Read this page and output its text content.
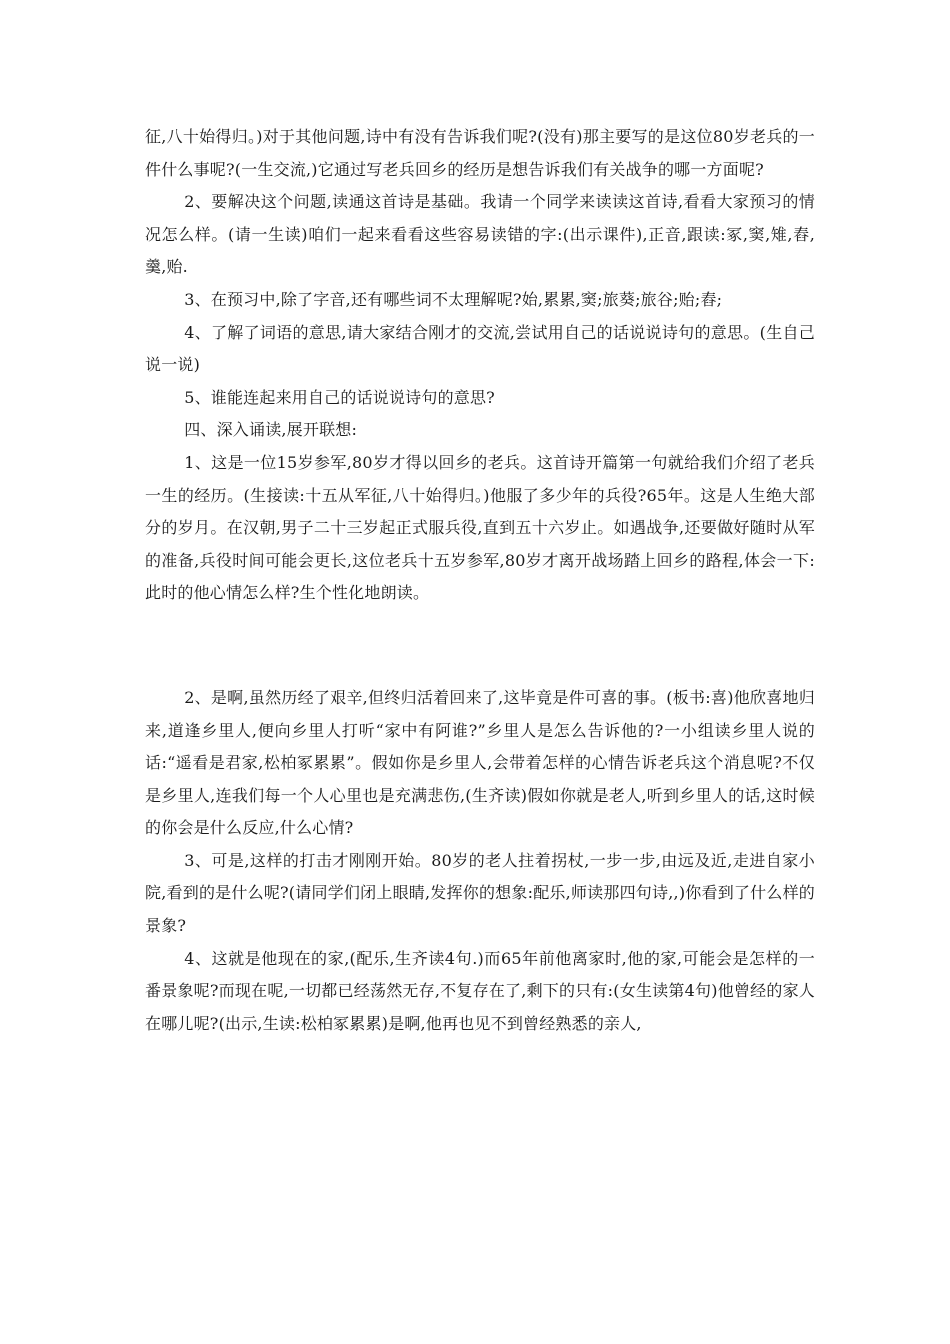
征,八十始得归。)对于其他问题,诗中有没有告诉我们呢?(没有)那主要写的是这位80岁老兵的一件什么事呢?(一生交流,)它通过写老兵回乡的经历是想告诉我们有关战争的哪一方面呢?

2、要解决这个问题,读通这首诗是基础。我请一个同学来读读这首诗,看看大家预习的情况怎么样。(请一生读)咱们一起来看看这些容易读错的字:(出示课件),正音,跟读:冢,窦,雉,舂,羹,贻.

3、在预习中,除了字音,还有哪些词不太理解呢?始,累累,窦;旅葵;旅谷;贻;舂;

4、了解了词语的意思,请大家结合刚才的交流,尝试用自己的话说说诗句的意思。(生自己说一说)

5、谁能连起来用自己的话说说诗句的意思?

四、深入诵读,展开联想:

1、这是一位15岁参军,80岁才得以回乡的老兵。这首诗开篇第一句就给我们介绍了老兵一生的经历。(生接读:十五从军征,八十始得归。)他服了多少年的兵役?65年。这是人生绝大部分的岁月。在汉朝,男子二十三岁起正式服兵役,直到五十六岁止。如遇战争,还要做好随时从军的准备,兵役时间可能会更长,这位老兵十五岁参军,80岁才离开战场踏上回乡的路程,体会一下:此时的他心情怎么样?生个性化地朗读。

2、是啊,虽然历经了艰辛,但终归活着回来了,这毕竟是件可喜的事。(板书:喜)他欣喜地归来,道逢乡里人,便向乡里人打听“家中有阿谁?”乡里人是怎么告诉他的?一小组读乡里人说的话:“遥看是君家,松柏冢累累”。假如你是乡里人,会带着怎样的心情告诉老兵这个消息呢?不仅是乡里人,连我们每一个人心里也是充满悲伤,(生齐读)假如你就是老人,听到乡里人的话,这时候的你会是什么反应,什么心情?

3、可是,这样的打击才刚刚开始。80岁的老人拄着拐杖,一步一步,由远及近,走进自家小院,看到的是什么呢?(请同学们闭上眼睛,发挥你的想象:配乐,师读那四句诗,,)你看到了什么样的景象?

4、这就是他现在的家,(配乐,生齐读4句.)而65年前他离家时,他的家,可能会是怎样的一番景象呢?而现在呢,一切都已经荡然无存,不复存在了,剩下的只有:(女生读第4句)他曾经的家人在哪儿呢?(出示,生读:松柏冢累累)是啊,他再也见不到曾经熟悉的亲人,
